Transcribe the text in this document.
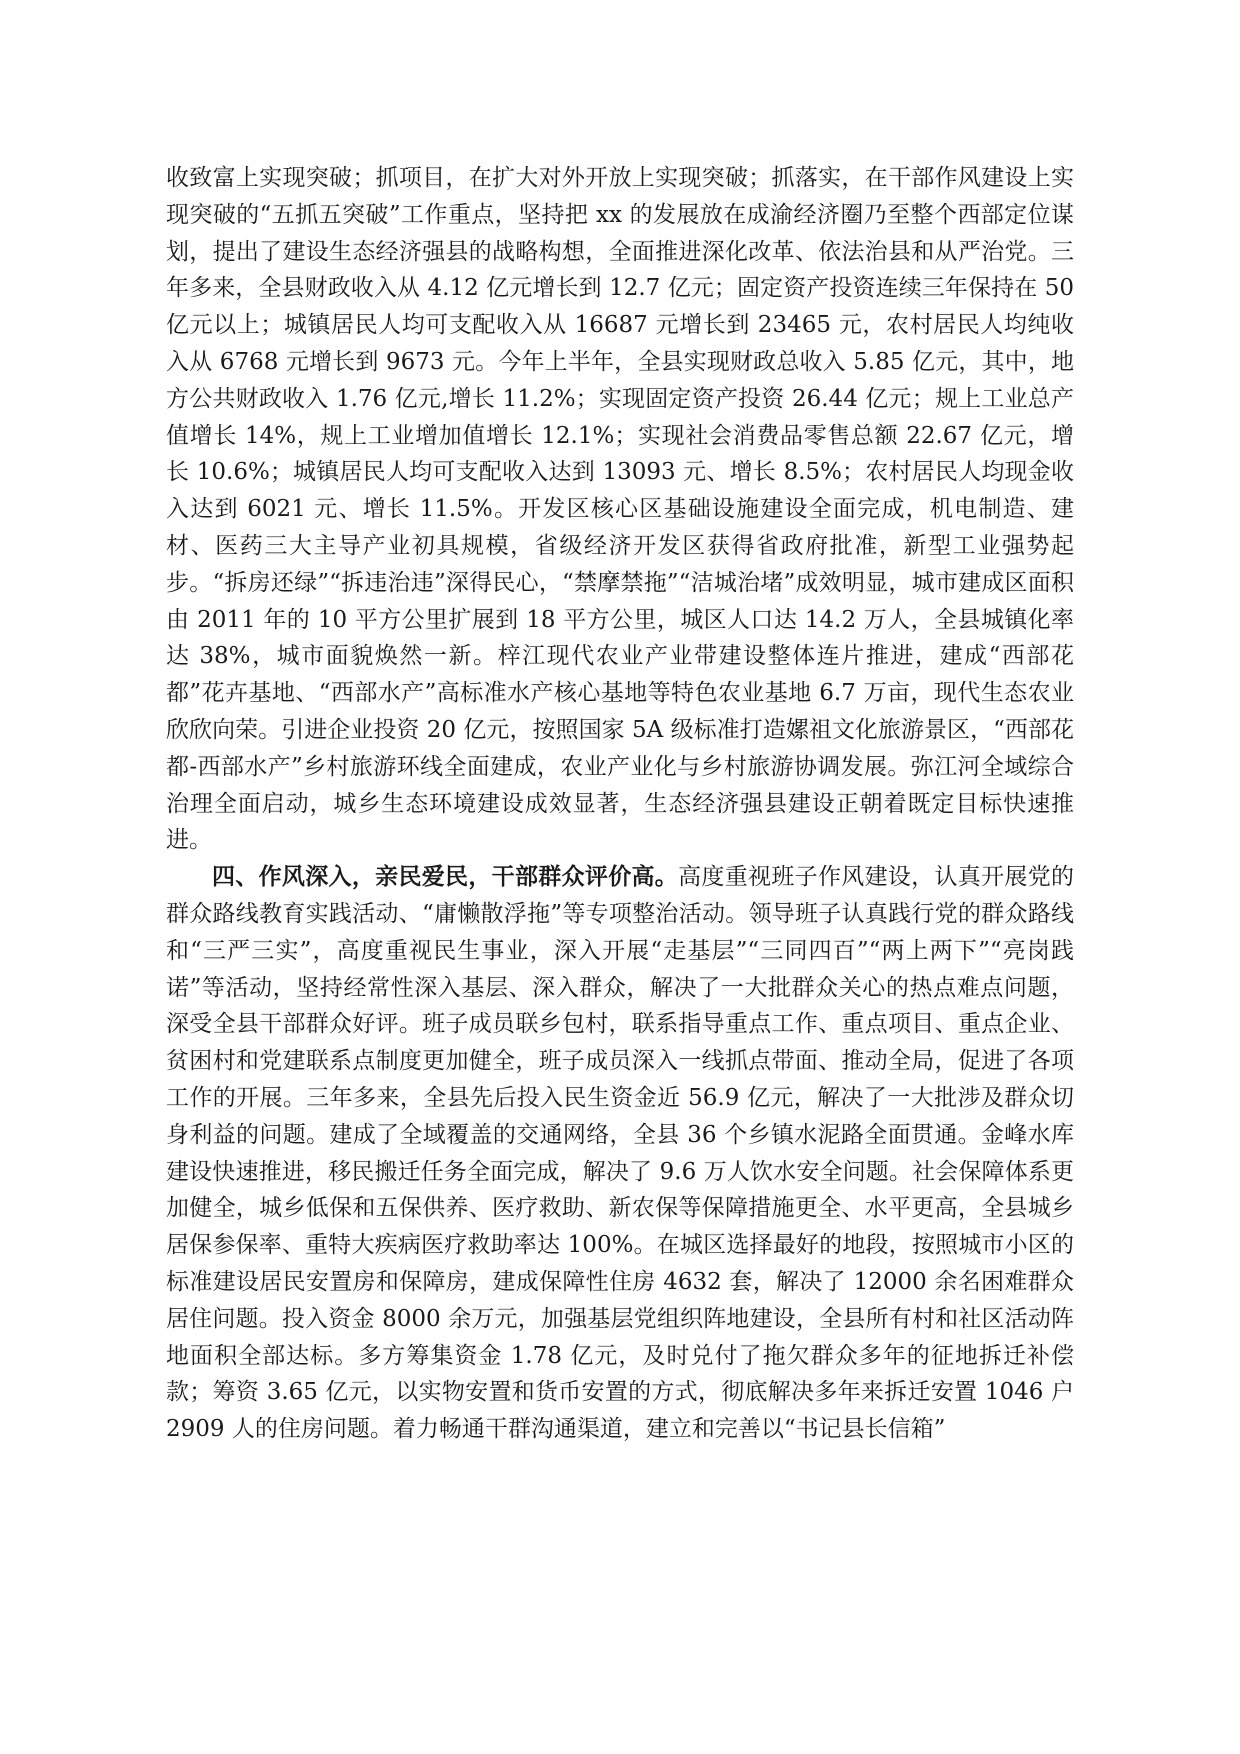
收致富上实现突破；抓项目，在扩大对外开放上实现突破；抓落实，在干部作风建设上实现突破的“五抓五突破”工作重点，坚持把 xx 的发展放在成渝经济圈乃至整个西部定位谋划，提出了建设生态经济强县的战略构想，全面推进深化改革、依法治县和从严治党。三年多来，全县财政收入从 4.12 亿元增长到 12.7 亿元；固定资产投资连续三年保持在 50 亿元以上；城镇居民人均可支配收入从 16687 元增长到 23465 元，农村居民人均纯收入从 6768 元增长到 9673 元。今年上半年，全县实现财政总收入 5.85 亿元，其中，地方公共财政收入 1.76 亿元,增长 11.2%；实现固定资产投资 26.44 亿元；规上工业总产值增长 14%，规上工业增加值增长 12.1%；实现社会消费品零售总额 22.67 亿元，增长 10.6%；城镇居民人均可支配收入达到 13093 元、增长 8.5%；农村居民人均现金收入达到 6021 元、增长 11.5%。开发区核心区基础设施建设全面完成，机电制造、建材、医药三大主导产业初具规模，省级经济开发区获得省政府批准，新型工业强势起步。“拆房还绿”“拆违治违”深得民心，“禁摩禁拖”“洁城治堵”成效明显，城市建成区面积由 2011 年的 10 平方公里扩展到 18 平方公里，城区人口达 14.2 万人，全县城镇化率达 38%，城市面貌焕然一新。梓江现代农业产业带建设整体连片推进，建成“西部花都”花卉基地、“西部水产”高标准水产核心基地等特色农业基地 6.7 万亩，现代生态农业欣欣向荣。引进企业投资 20 亿元，按照国家 5A 级标准打造嫘祖文化旅游景区，“西部花都-西部水产”乡村旅游环线全面建成，农业产业化与乡村旅游协调发展。弥江河全域综合治理全面启动，城乡生态环境建设成效显著，生态经济强县建设正朝着既定目标快速推进。

四、作风深入，亲民爱民，干部群众评价高。高度重视班子作风建设，认真开展党的群众路线教育实践活动、“庸懒散浮拖”等专项整治活动。领导班子认真践行党的群众路线和“三严三实”，高度重视民生事业，深入开展“走基层”“三同四百”“两上两下”“亮岗践诺”等活动，坚持经常性深入基层、深入群众，解决了一大批群众关心的热点难点问题，深受全县干部群众好评。班子成员联乡包村，联系指导重点工作、重点项目、重点企业、贫困村和党建联系点制度更加健全，班子成员深入一线抓点带面、推动全局，促进了各项工作的开展。三年多来，全县先后投入民生资金近 56.9 亿元，解决了一大批涉及群众切身利益的问题。建成了全域覆盖的交通网络，全县 36 个乡镇水泥路全面贯通。金峰水库建设快速推进，移民搬迁任务全面完成，解决了 9.6 万人饮水安全问题。社会保障体系更加健全，城乡低保和五保供养、医疗救助、新农保等保障措施更全、水平更高，全县城乡居保参保率、重特大疾病医疗救助率达 100%。在城区选择最好的地段，按照城市小区的标准建设居民安置房和保障房，建成保障性住房 4632 套，解决了 12000 余名困难群众居住问题。投入资金 8000 余万元，加强基层党组织阵地建设，全县所有村和社区活动阵地面积全部达标。多方筹集资金 1.78 亿元，及时兑付了拖欠群众多年的征地拆迁补偿款；筹资 3.65 亿元，以实物安置和货币安置的方式，彻底解决多年来拆迁安置 1046 户 2909 人的住房问题。着力畅通干群沟通渠道，建立和完善以“书记县长信箱”
